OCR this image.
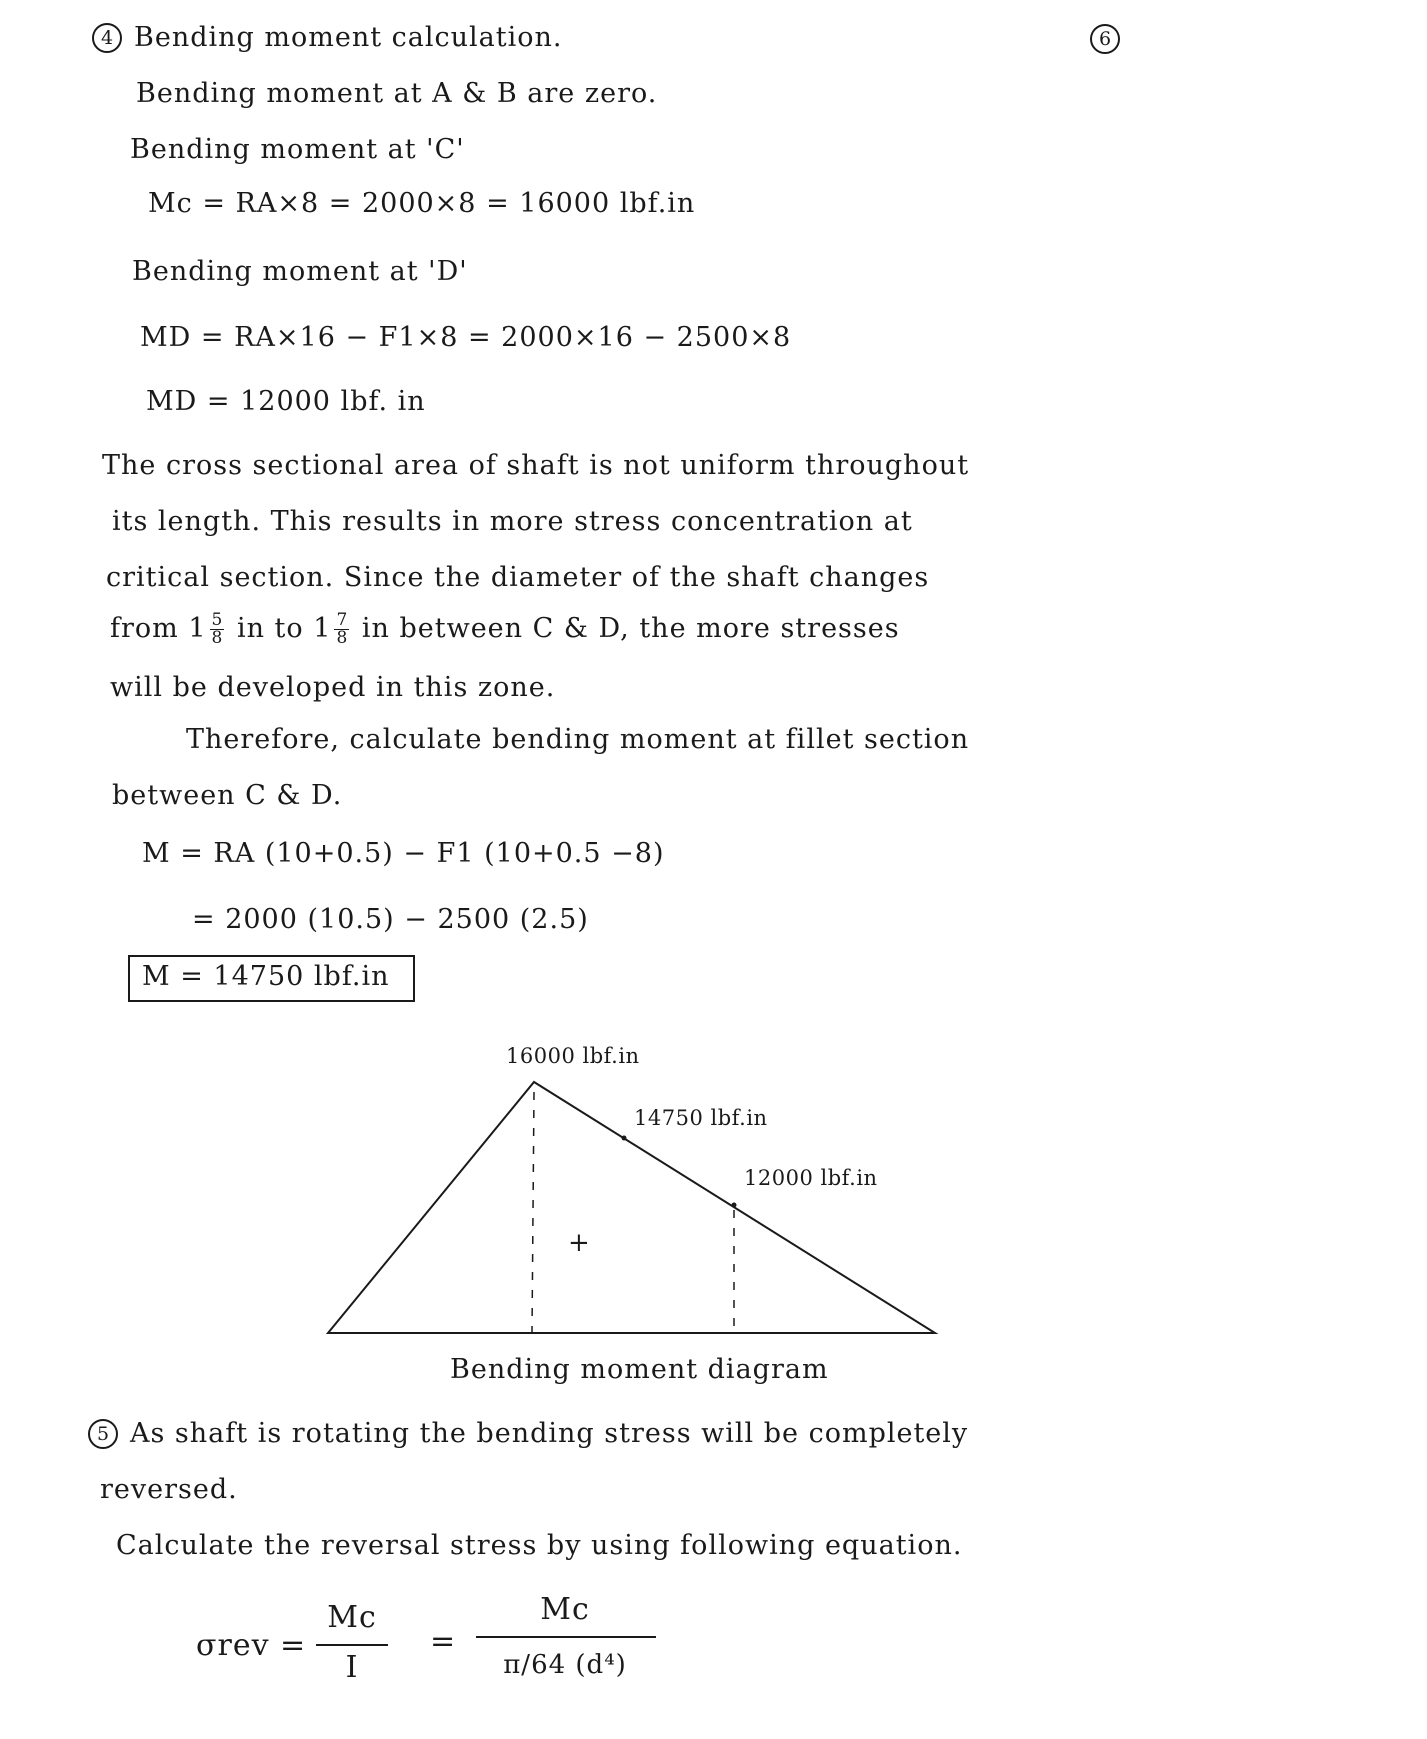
6
4 Bending moment calculation.
Bending moment at A & B are zero.
Bending moment at 'C'
Mc = RA×8 = 2000×8 = 16000 lbf.in
Bending moment at 'D'
MD = RA×16 − F1×8 = 2000×16 − 2500×8
MD = 12000 lbf. in
The cross sectional area of shaft is not uniform throughout
its length. This results in more stress concentration at
critical section. Since the diameter of the shaft changes
from $1 \frac{5}{8}$ in to $1 \frac{7}{8}$ in between C & D, the more stresses
will be developed in this zone.
Therefore, calculate bending moment at fillet section
between C & D.
M = RA (10+0.5) − F1 (10+0.5 −8)
= 2000 (10.5) − 2500 (2.5)
M = 14750 lbf.in
16000 lbf.in
14750 lbf.in
12000 lbf.in
+
Bending moment diagram
5 As shaft is rotating the bending stress will be completely
reversed.
Calculate the reversal stress by using following equation.
σrev =
Mc
I
=
Mc
π/64 (d⁴)
